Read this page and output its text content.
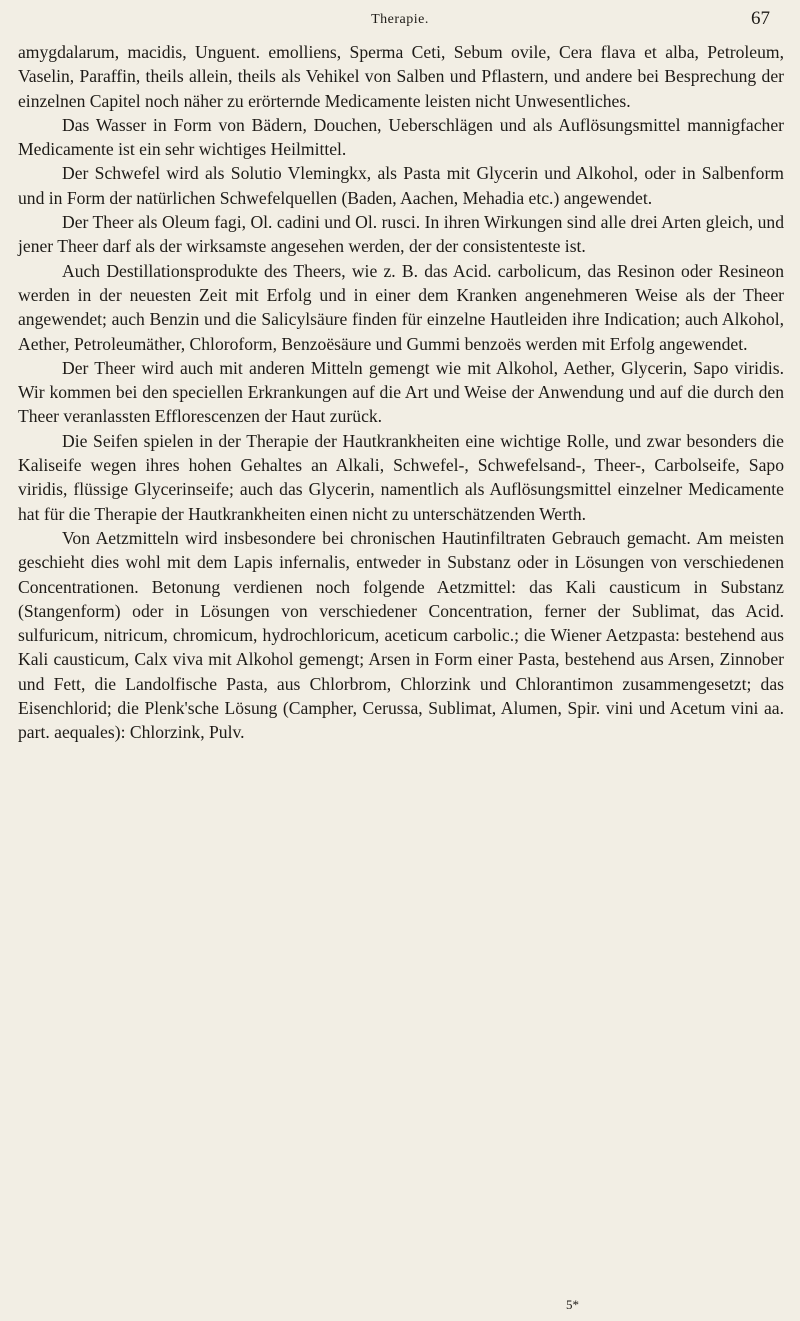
Therapie.	67

amygdalarum, macidis, Unguent. emolliens, Sperma Ceti, Sebum ovile, Cera flava et alba, Petroleum, Vaselin, Paraffin, theils allein, theils als Vehikel von Salben und Pflastern, und andere bei Besprechung der einzelnen Capitel noch näher zu erörternde Medicamente leisten nicht Unwesentliches.

Das Wasser in Form von Bädern, Douchen, Ueberschlägen und als Auflösungsmittel mannigfacher Medicamente ist ein sehr wichtiges Heilmittel.

Der Schwefel wird als Solutio Vlemingkx, als Pasta mit Glycerin und Alkohol, oder in Salbenform und in Form der natürlichen Schwefelquellen (Baden, Aachen, Mehadia etc.) angewendet.

Der Theer als Oleum fagi, Ol. cadini und Ol. rusci. In ihren Wirkungen sind alle drei Arten gleich, und jener Theer darf als der wirksamste angesehen werden, der der consistenteste ist.

Auch Destillationsprodukte des Theers, wie z. B. das Acid. carbolicum, das Resinon oder Resineon werden in der neuesten Zeit mit Erfolg und in einer dem Kranken angenehmeren Weise als der Theer angewendet; auch Benzin und die Salicylsäure finden für einzelne Hautleiden ihre Indication; auch Alkohol, Aether, Petroleumäther, Chloroform, Benzoësäure und Gummi benzoës werden mit Erfolg angewendet.

Der Theer wird auch mit anderen Mitteln gemengt wie mit Alkohol, Aether, Glycerin, Sapo viridis. Wir kommen bei den speciellen Erkrankungen auf die Art und Weise der Anwendung und auf die durch den Theer veranlassten Efflorescenzen der Haut zurück.

Die Seifen spielen in der Therapie der Hautkrankheiten eine wichtige Rolle, und zwar besonders die Kaliseife wegen ihres hohen Gehaltes an Alkali, Schwefel-, Schwefelsand-, Theer-, Carbolseife, Sapo viridis, flüssige Glycerinseife; auch das Glycerin, namentlich als Auflösungsmittel einzelner Medicamente hat für die Therapie der Hautkrankheiten einen nicht zu unterschätzenden Werth.

Von Aetzmitteln wird insbesondere bei chronischen Hautinfiltraten Gebrauch gemacht. Am meisten geschieht dies wohl mit dem Lapis infernalis, entweder in Substanz oder in Lösungen von verschiedenen Concentrationen. Betonung verdienen noch folgende Aetzmittel: das Kali causticum in Substanz (Stangenform) oder in Lösungen von verschiedener Concentration, ferner der Sublimat, das Acid. sulfuricum, nitricum, chromicum, hydrochloricum, aceticum carbolic.; die Wiener Aetzpasta: bestehend aus Kali causticum, Calx viva mit Alkohol gemengt; Arsen in Form einer Pasta, bestehend aus Arsen, Zinnober und Fett, die Landolfische Pasta, aus Chlorbrom, Chlorzink und Chlorantimon zusammengesetzt; das Eisenchlorid; die Plenk'sche Lösung (Campher, Cerussa, Sublimat, Alumen, Spir. vini und Acetum vini aa. part. aequales): Chlorzink, Pulv.

5*
